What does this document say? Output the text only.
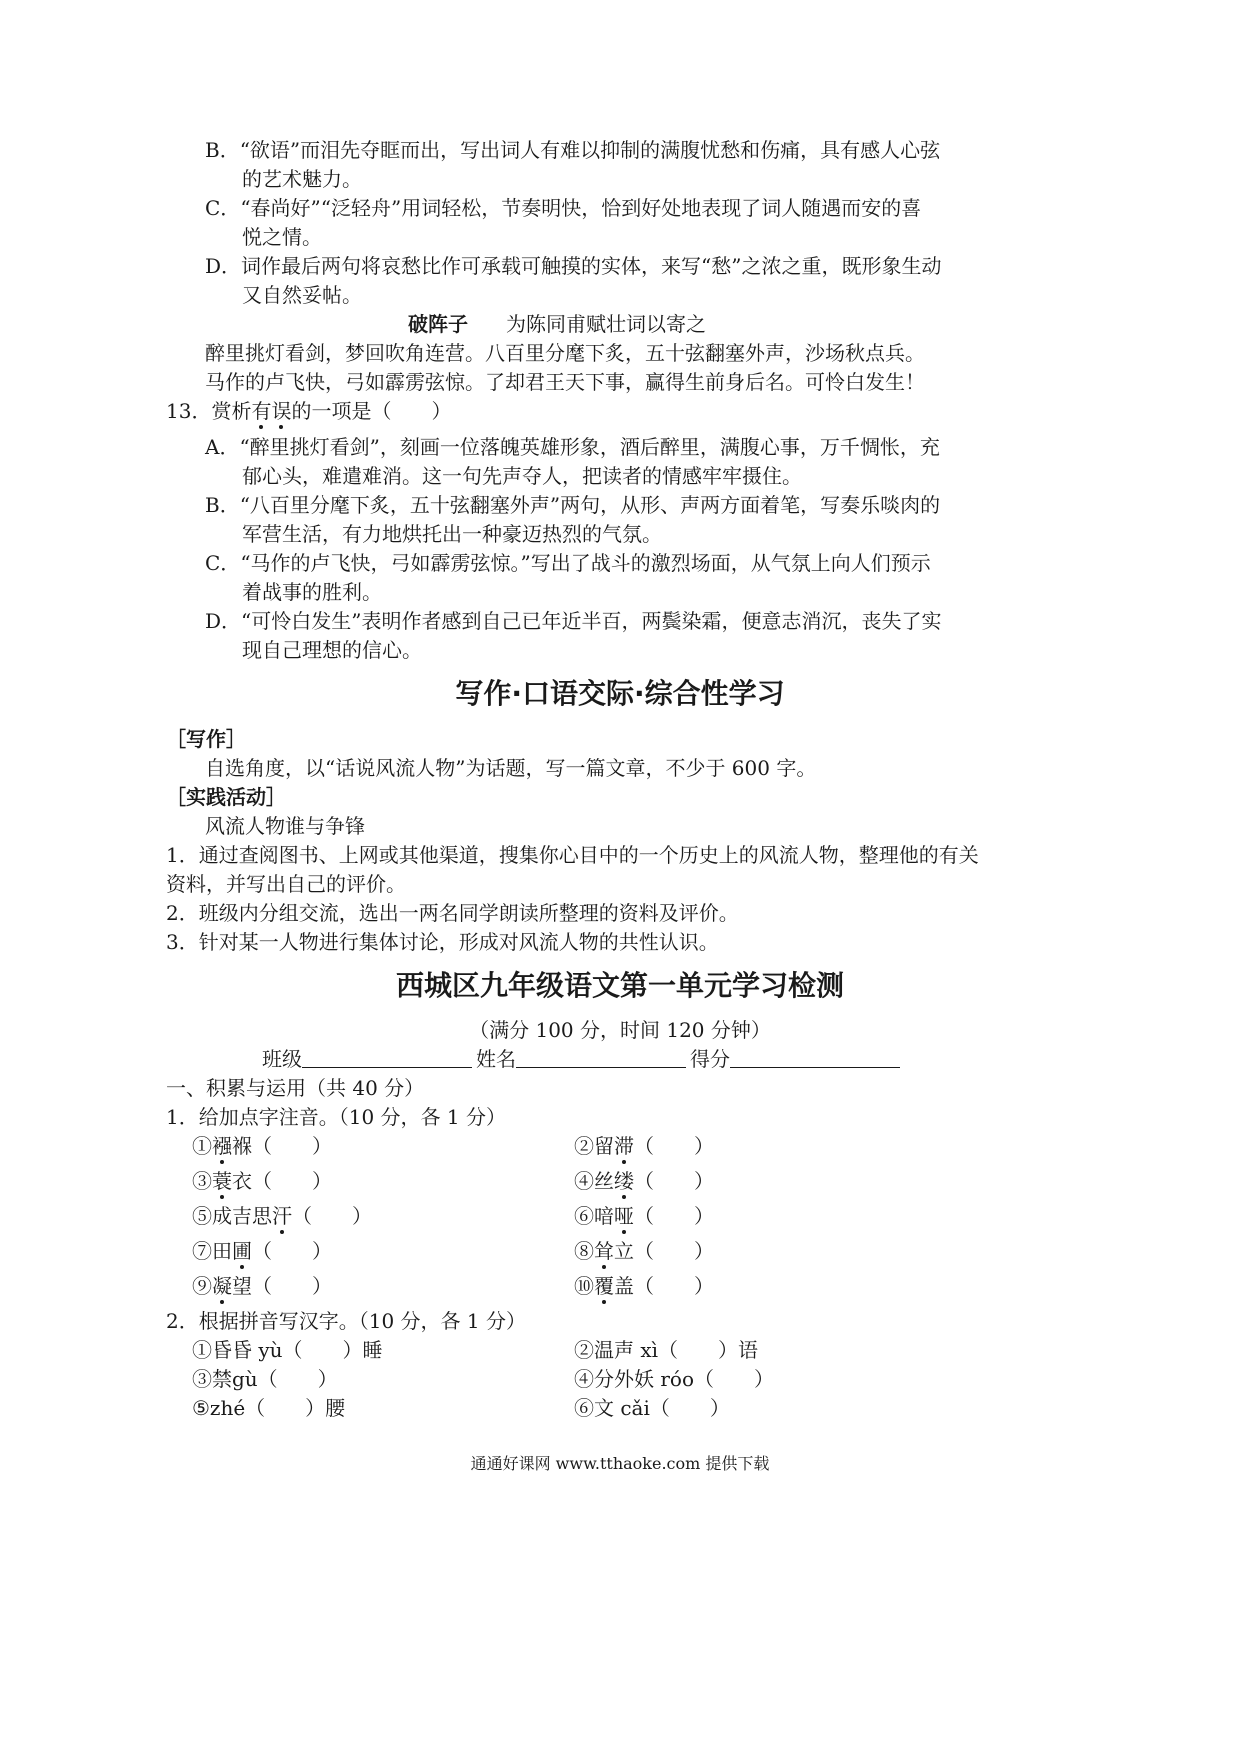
B．“欲语”而泪先夺眶而出，写出词人有难以抑制的满腹忧愁和伤痛，具有感人心弦
的艺术魅力。
C．“春尚好”“泛轻舟”用词轻松，节奏明快，恰到好处地表现了词人随遇而安的喜
悦之情。
D．词作最后两句将哀愁比作可承载可触摸的实体，来写“愁”之浓之重，既形象生动
又自然妥帖。
破阵子 为陈同甫赋壮词以寄之
醉里挑灯看剑，梦回吹角连营。八百里分麾下炙，五十弦翻塞外声，沙场秋点兵。
马作的卢飞快，弓如霹雳弦惊。了却君王天下事，赢得生前身后名。可怜白发生！
13．赏析有误的一项是（　　）
A．“醉里挑灯看剑”，刻画一位落魄英雄形象，酒后醉里，满腹心事，万千惆怅，充
郁心头，难遣难消。这一句先声夺人，把读者的情感牢牢摄住。
B．“八百里分麾下炙，五十弦翻塞外声”两句，从形、声两方面着笔，写奏乐啖肉的
军营生活，有力地烘托出一种豪迈热烈的气氛。
C．“马作的卢飞快，弓如霹雳弦惊。”写出了战斗的激烈场面，从气氛上向人们预示
着战事的胜利。
D．“可怜白发生”表明作者感到自己已年近半百，两鬓染霜，便意志消沉，丧失了实
现自己理想的信心。
写作·口语交际·综合性学习
［写作］
自选角度，以“话说风流人物”为话题，写一篇文章，不少于 600 字。
［实践活动］
风流人物谁与争锋
1．通过查阅图书、上网或其他渠道，搜集你心目中的一个历史上的风流人物，整理他的有关
资料，并写出自己的评价。
2．班级内分组交流，选出一两名同学朗读所整理的资料及评价。
3．针对某一人物进行集体讨论，形成对风流人物的共性认识。
西城区九年级语文第一单元学习检测
（满分 100 分，时间 120 分钟）
班级	姓名	得分
一、积累与运用（共 40 分）
1．给加点字注音。（10 分，各 1 分）
①襁褓（　　）	②留滞（　　）
③蓑衣（　　）	④丝缕（　　）
⑤成吉思汗（　　）	⑥喑哑（　　）
⑦田圃（　　）	⑧耸立（　　）
⑨凝望（　　）	⑩覆盖（　　）
2．根据拼音写汉字。（10 分，各 1 分）
①昏昏 yù（　　）睡	②温声 xì（　　）语
③禁gù（　　）	④分外妖 róo（　　）
⑤zhé（　　）腰	⑥文 cǎi（　　）
通通好课网 www.tthaoke.com 提供下载
